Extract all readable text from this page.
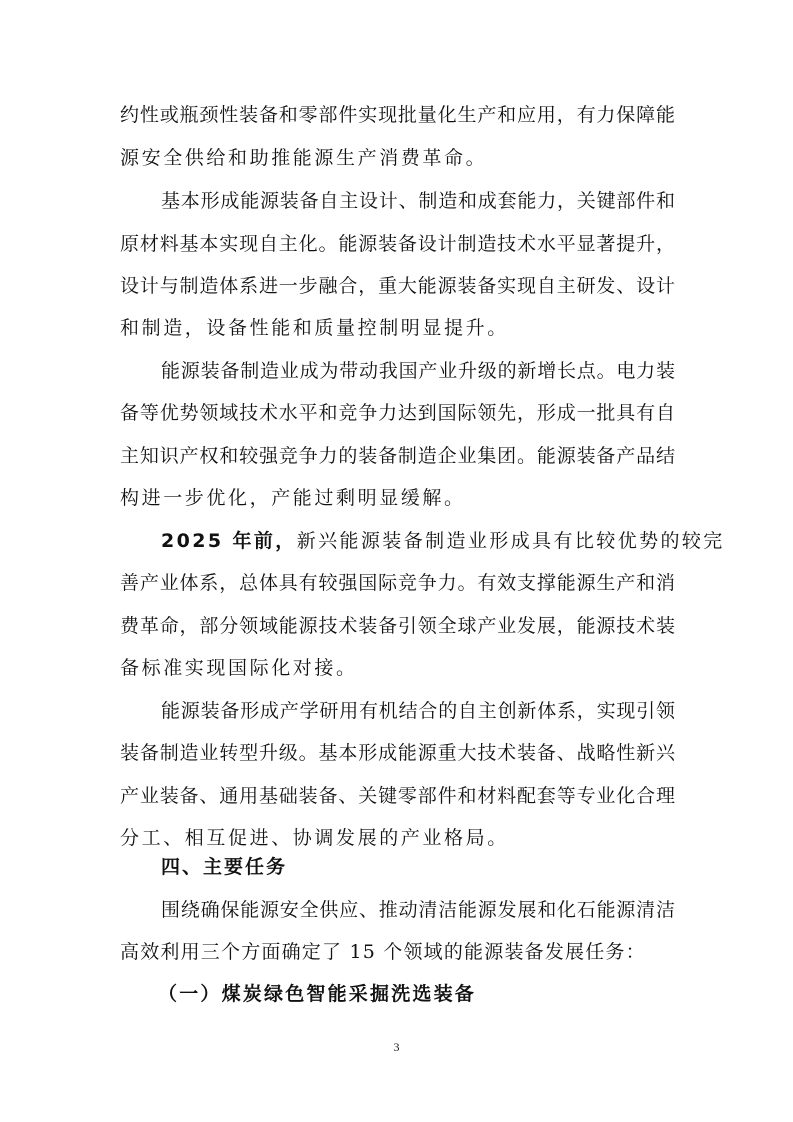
约性或瓶颈性装备和零部件实现批量化生产和应用，有力保障能
源安全供给和助推能源生产消费革命。
基本形成能源装备自主设计、制造和成套能力，关键部件和
原材料基本实现自主化。能源装备设计制造技术水平显著提升，
设计与制造体系进一步融合，重大能源装备实现自主研发、设计
和制造，设备性能和质量控制明显提升。
能源装备制造业成为带动我国产业升级的新增长点。电力装
备等优势领域技术水平和竞争力达到国际领先，形成一批具有自
主知识产权和较强竞争力的装备制造企业集团。能源装备产品结
构进一步优化，产能过剩明显缓解。
2025 年前，新兴能源装备制造业形成具有比较优势的较完
善产业体系，总体具有较强国际竞争力。有效支撑能源生产和消
费革命，部分领域能源技术装备引领全球产业发展，能源技术装
备标准实现国际化对接。
能源装备形成产学研用有机结合的自主创新体系，实现引领
装备制造业转型升级。基本形成能源重大技术装备、战略性新兴
产业装备、通用基础装备、关键零部件和材料配套等专业化合理
分工、相互促进、协调发展的产业格局。
四、主要任务
围绕确保能源安全供应、推动清洁能源发展和化石能源清洁
高效利用三个方面确定了 15 个领域的能源装备发展任务：
（一）煤炭绿色智能采掘洗选装备
3
